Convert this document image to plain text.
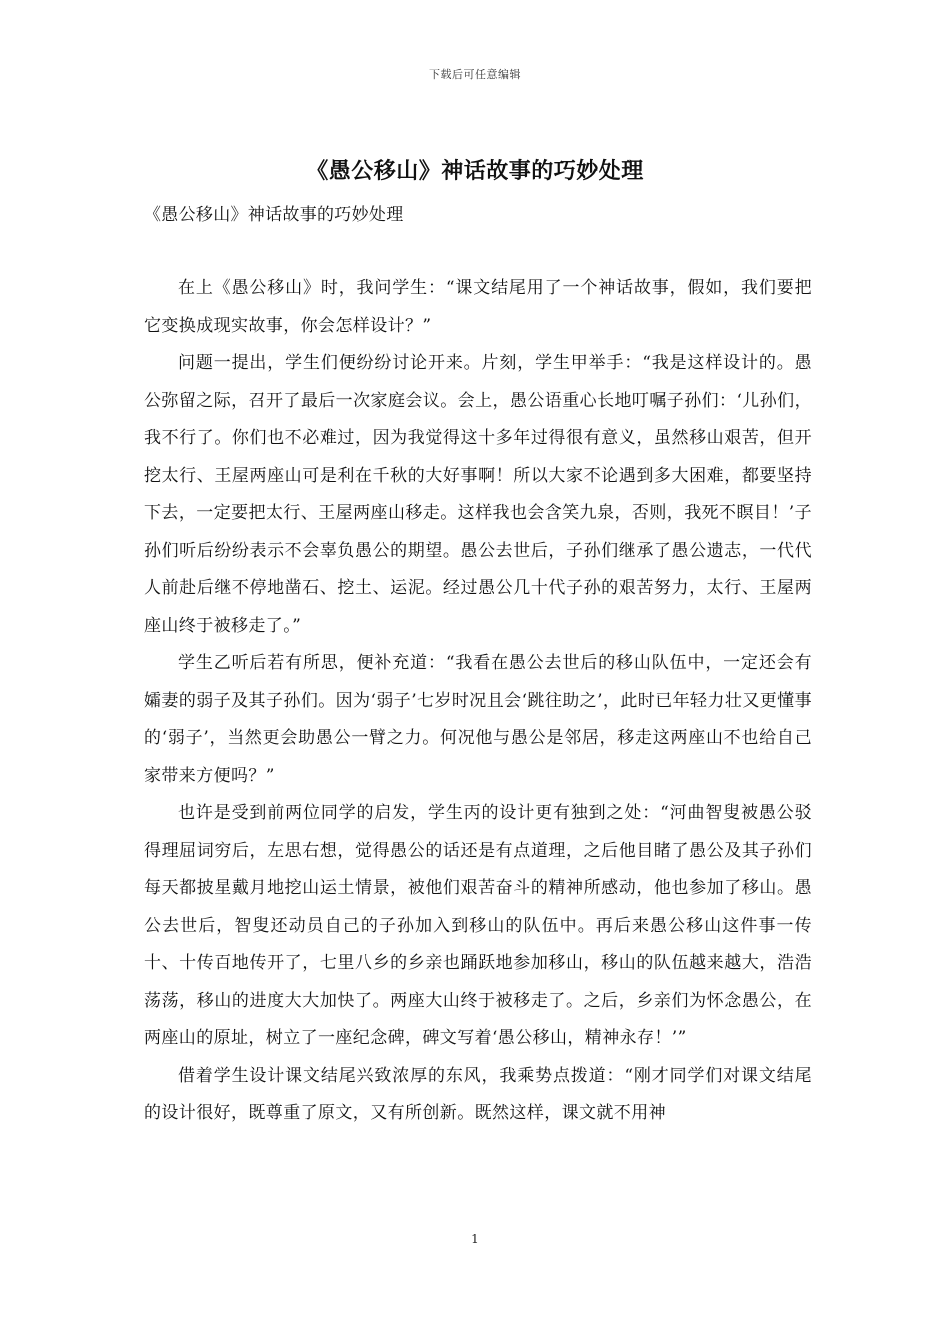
下载后可任意编辑
《愚公移山》神话故事的巧妙处理

《愚公移山》神话故事的巧妙处理

在上《愚公移山》时，我问学生：“课文结尾用了一个神话故事，假如，我们要把它变换成现实故事，你会怎样设计？”

问题一提出，学生们便纷纷讨论开来。片刻，学生甲举手：“我是这样设计的。愚公弥留之际，召开了最后一次家庭会议。会上，愚公语重心长地叮嘱子孙们：‘儿孙们，我不行了。你们也不必难过，因为我觉得这十多年过得很有意义，虽然移山艰苦，但开挖太行、王屋两座山可是利在千秋的大好事啊！所以大家不论遇到多大困难，都要坚持下去，一定要把太行、王屋两座山移走。这样我也会含笑九泉，否则，我死不瞑目！’子孙们听后纷纷表示不会辜负愚公的期望。愚公去世后，子孙们继承了愚公遗志，一代代人前赴后继不停地凿石、挖土、运泥。经过愚公几十代子孙的艰苦努力，太行、王屋两座山终于被移走了。”

学生乙听后若有所思，便补充道：“我看在愚公去世后的移山队伍中，一定还会有孀妻的弱子及其子孙们。因为‘弱子’七岁时况且会‘跳往助之’，此时已年轻力壮又更懂事的‘弱子’，当然更会助愚公一臂之力。何况他与愚公是邻居，移走这两座山不也给自己家带来方便吗？”

也许是受到前两位同学的启发，学生丙的设计更有独到之处：“河曲智叟被愚公驳得理屈词穷后，左思右想，觉得愚公的话还是有点道理，之后他目睹了愚公及其子孙们每天都披星戴月地挖山运土情景，被他们艰苦奋斗的精神所感动，他也参加了移山。愚公去世后，智叟还动员自己的子孙加入到移山的队伍中。再后来愚公移山这件事一传十、十传百地传开了，七里八乡的乡亲也踊跃地参加移山，移山的队伍越来越大，浩浩荡荡，移山的进度大大加快了。两座大山终于被移走了。之后，乡亲们为怀念愚公，在两座山的原址，树立了一座纪念碑，碑文写着‘愚公移山，精神永存！’”

借着学生设计课文结尾兴致浓厚的东风，我乘势点拨道：“刚才同学们对课文结尾的设计很好，既尊重了原文，又有所创新。既然这样，课文就不用神

1
